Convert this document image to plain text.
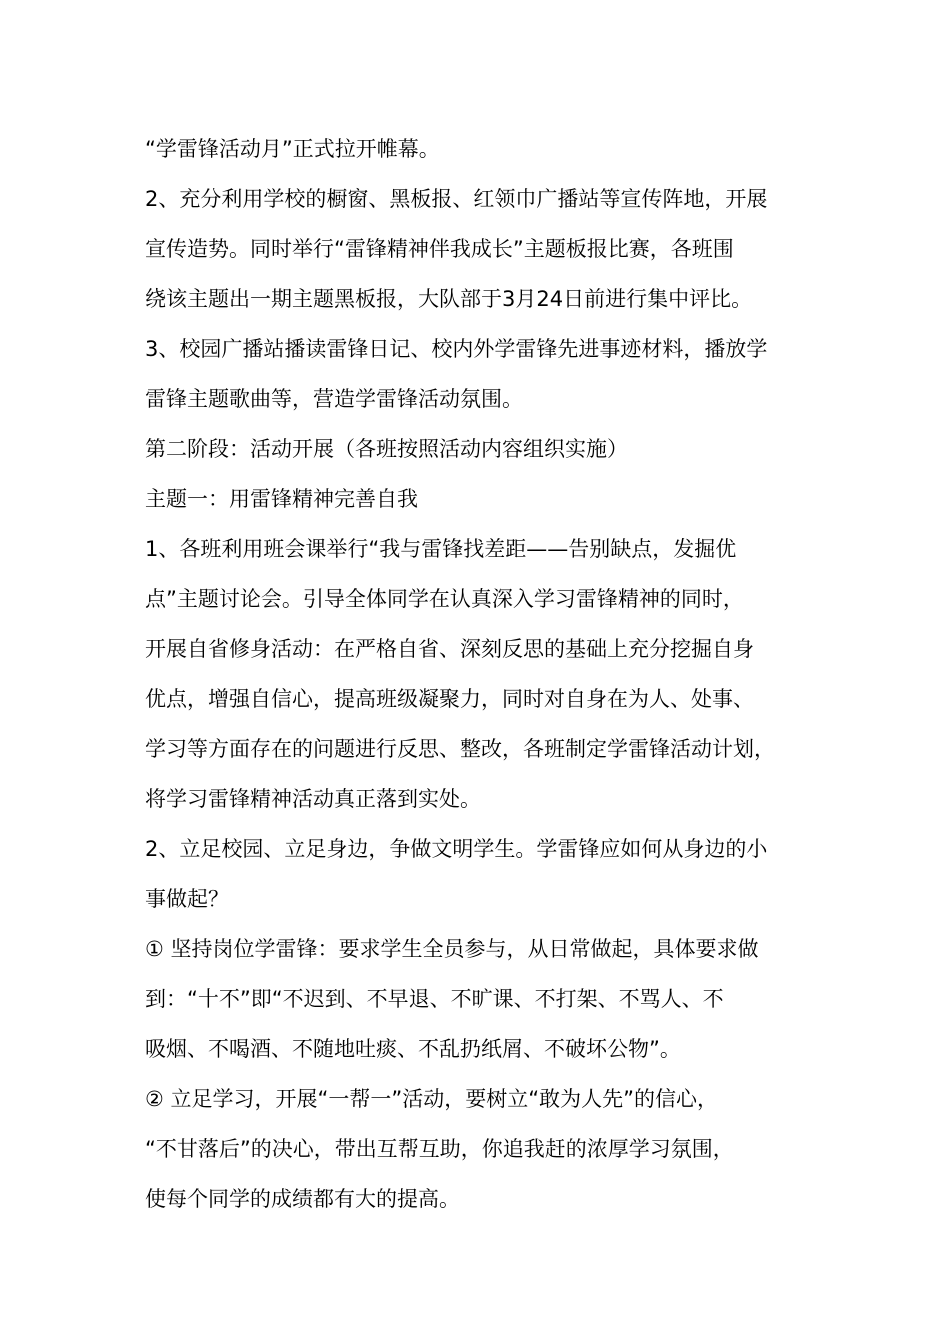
“学雷锋活动月”正式拉开帷幕。
2、充分利用学校的橱窗、黑板报、红领巾广播站等宣传阵地，开展
宣传造势。同时举行“雷锋精神伴我成长”主题板报比赛，各班围
绕该主题出一期主题黑板报，大队部于3月24日前进行集中评比。
3、校园广播站播读雷锋日记、校内外学雷锋先进事迹材料，播放学
雷锋主题歌曲等，营造学雷锋活动氛围。
第二阶段：活动开展（各班按照活动内容组织实施）
主题一：用雷锋精神完善自我
1、各班利用班会课举行“我与雷锋找差距——告别缺点，发掘优
点”主题讨论会。引导全体同学在认真深入学习雷锋精神的同时，
开展自省修身活动：在严格自省、深刻反思的基础上充分挖掘自身
优点，增强自信心，提高班级凝聚力，同时对自身在为人、处事、
学习等方面存在的问题进行反思、整改，各班制定学雷锋活动计划，
将学习雷锋精神活动真正落到实处。
2、立足校园、立足身边，争做文明学生。学雷锋应如何从身边的小
事做起？
① 坚持岗位学雷锋：要求学生全员参与，从日常做起，具体要求做
到：“十不”即“不迟到、不早退、不旷课、不打架、不骂人、不
吸烟、不喝酒、不随地吐痰、不乱扔纸屑、不破坏公物”。
② 立足学习，开展“一帮一”活动，要树立“敢为人先”的信心，
“不甘落后”的决心，带出互帮互助，你追我赶的浓厚学习氛围，
使每个同学的成绩都有大的提高。
